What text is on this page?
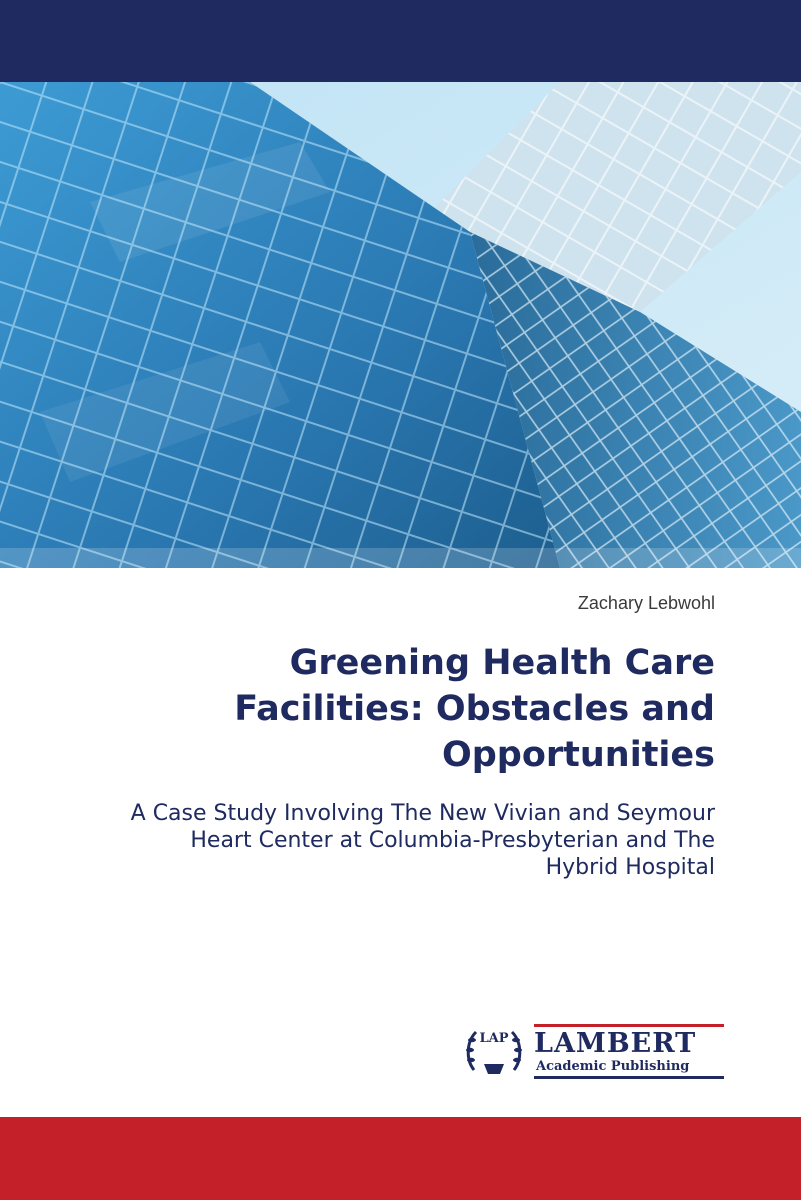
Zachary Lebwohl
Greening Health Care
Facilities: Obstacles and
Opportunities
A Case Study Involving The New Vivian and Seymour
Heart Center at Columbia-Presbyterian and The
Hybrid Hospital
LAP LAMBERT
Academic Publishing
